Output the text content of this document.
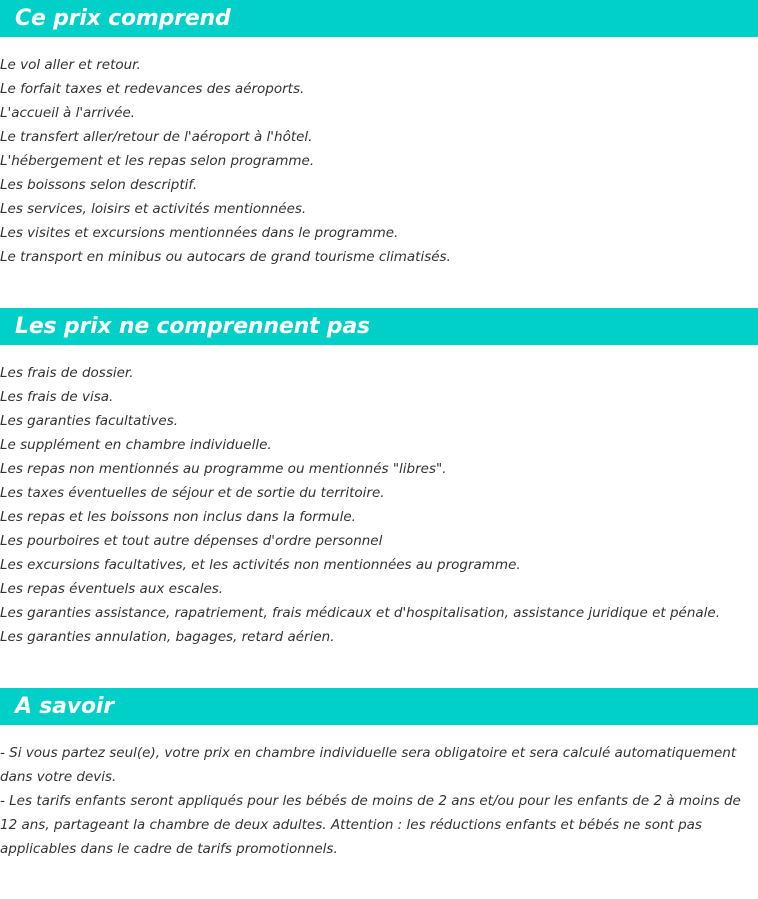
Ce prix comprend
Le vol aller et retour.
Le forfait taxes et redevances des aéroports.
L'accueil à l'arrivée.
Le transfert aller/retour de l'aéroport à l'hôtel.
L'hébergement et les repas selon programme.
Les boissons selon descriptif.
Les services, loisirs et activités mentionnées.
Les visites et excursions mentionnées dans le programme.
Le transport en minibus ou autocars de grand tourisme climatisés.
Les prix ne comprennent pas
Les frais de dossier.
Les frais de visa.
Les garanties facultatives.
Le supplément en chambre individuelle.
Les repas non mentionnés au programme ou mentionnés "libres".
Les taxes éventuelles de séjour et de sortie du territoire.
Les repas et les boissons non inclus dans la formule.
Les pourboires et tout autre dépenses d'ordre personnel
Les excursions facultatives, et les activités non mentionnées au programme.
Les repas éventuels aux escales.
Les garanties assistance, rapatriement, frais médicaux et d'hospitalisation, assistance juridique et pénale.
Les garanties annulation, bagages, retard aérien.
A savoir

- Si vous partez seul(e), votre prix en chambre individuelle sera obligatoire et sera calculé automatiquement dans votre devis.

- Les tarifs enfants seront appliqués pour les bébés de moins de 2 ans et/ou pour les enfants de 2 à moins de 12 ans, partageant la chambre de deux adultes. Attention : les réductions enfants et bébés ne sont pas applicables dans le cadre de tarifs promotionnels.
